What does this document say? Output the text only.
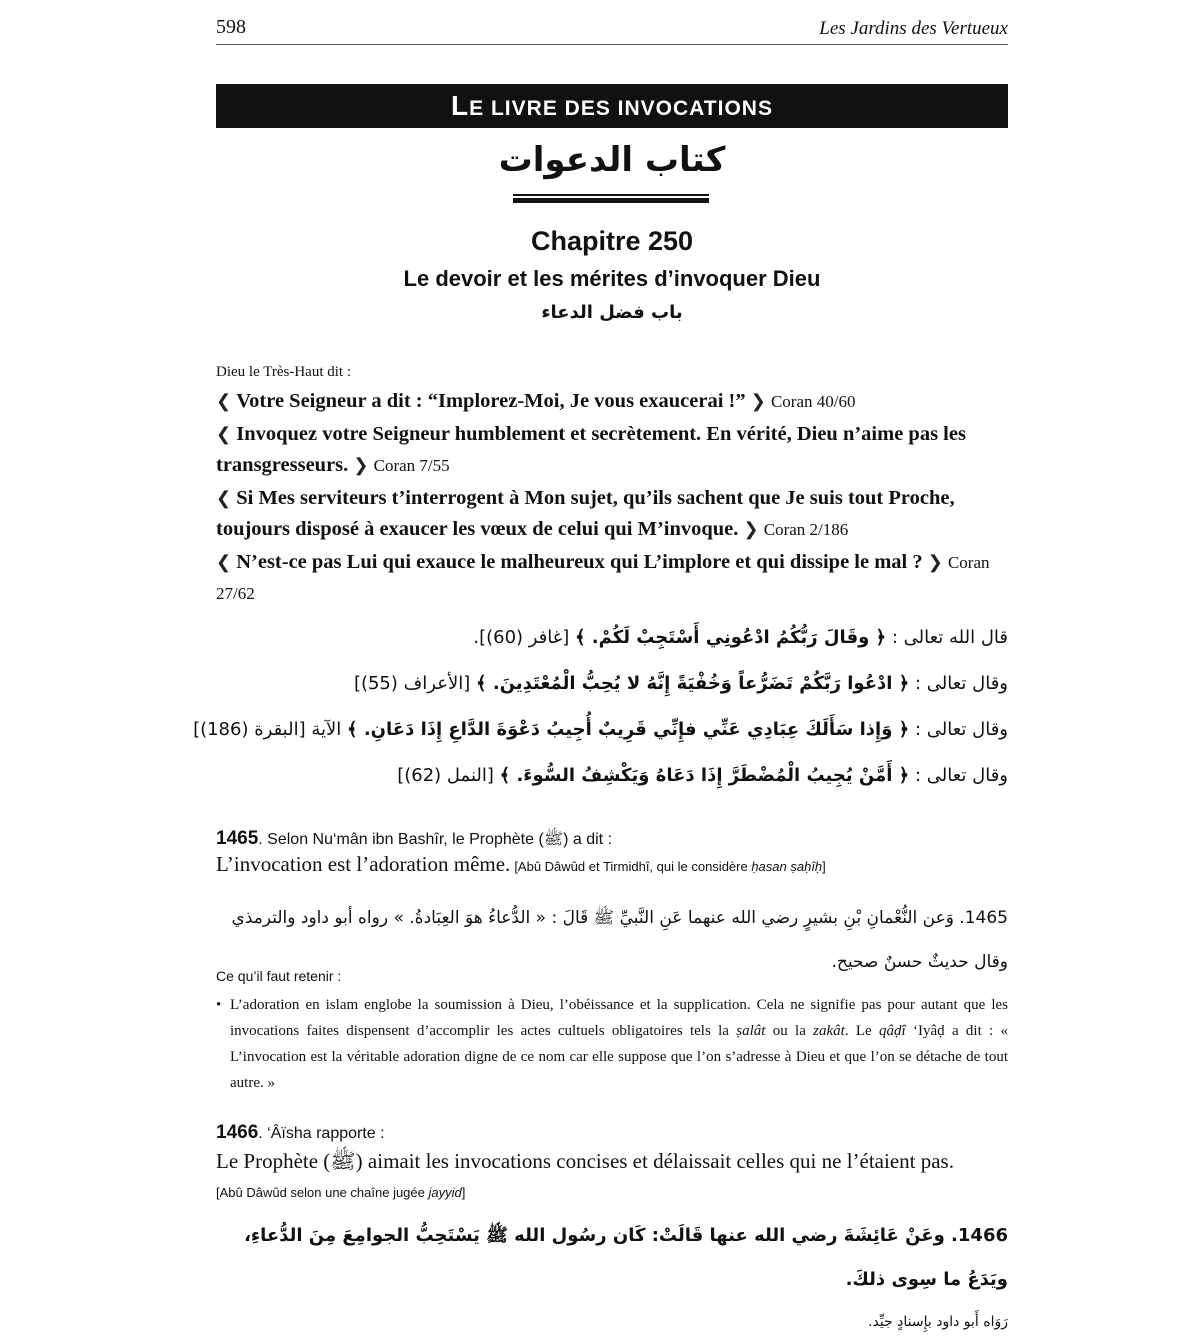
598	Les Jardins des Vertueux
LE LIVRE DES INVOCATIONS
كتاب الدعوات
Chapitre 250
Le devoir et les mérites d’invoquer Dieu
باب فضل الدعاء
Dieu le Très-Haut dit :

❮ Votre Seigneur a dit : “Implorez-Moi, Je vous exaucerai !” ❯ Coran 40/60

❮ Invoquez votre Seigneur humblement et secrètement. En vérité, Dieu n’aime pas les transgresseurs. ❯ Coran 7/55

❮ Si Mes serviteurs t’interrogent à Mon sujet, qu’ils sachent que Je suis tout Proche, toujours disposé à exaucer les vœux de celui qui M’invoque. ❯ Coran 2/186

❮ N’est-ce pas Lui qui exauce le malheureux qui L’implore et qui dissipe le mal ? ❯ Coran 27/62

قال الله تعالى : ﴿ وقَالَ رَبُّكُمُ ادْعُونِي أَسْتَجِبْ لَكُمْ. ﴾ [غافر (60)].
وقال تعالى : ﴿ ادْعُوا رَبَّكُمْ تَضَرُّعاً وَخُفْيَةً إِنَّهُ لا يُحِبُّ الْمُعْتَدِينَ. ﴾ [الأعراف (55)]
وقال تعالى : ﴿ وَإِذا سَأَلَكَ عِبَادِي عَنِّي فإِنِّي قَرِيبٌ أُجِيبُ دَعْوَةَ الدَّاعِ إِذَا دَعَانِ. ﴾ الآية [البقرة (186)]
وقال تعالى : ﴿ أَمَّنْ يُجِيبُ الْمُضْطَرَّ إِذَا دَعَاهُ وَيَكْشِفُ السُّوءَ. ﴾ [النمل (62)]
1465. Selon Nu‘mân ibn Bashîr, le Prophète (ﷺ) a dit :
L’invocation est l’adoration même. [Abû Dâwûd et Tirmidhî, qui le considère ḥasan ṣaḥîḥ]
1465. وَعن النُّعْمانِ بْنِ بشيرٍ رضي الله عنهما عَنِ النَّبيِّ ﷺ قَالَ : « الدُّعاءُ هوَ العِبَادةُ. » رواه أبو داود والترمذي وقال حديثٌ حسنٌ صحيح.
Ce qu’il faut retenir :
• L’adoration en islam englobe la soumission à Dieu, l’obéissance et la supplication. Cela ne signifie pas pour autant que les invocations faites dispensent d’accomplir les actes cultuels obligatoires tels la ṣalât ou la zakât. Le qâḍî ‘Iyâḍ a dit : « L’invocation est la véritable adoration digne de ce nom car elle suppose que l’on s’adresse à Dieu et que l’on se détache de tout autre. »
1466. ‘Âïsha rapporte :
Le Prophète (ﷺ) aimait les invocations concises et délaissait celles qui ne l’étaient pas.
[Abû Dâwûd selon une chaîne jugée jayyid]
1466. وعَنْ عَائِشَةَ رضي الله عنها قَالَتْ: كَان رسُول الله ﷺ يَسْتَحِبُّ الجوامِعَ مِنَ الدُّعاءِ، ويَدَعُ ما سِوى ذلكَ.
رَوَاه أَبو داود بإِسنادٍ جيِّد.
